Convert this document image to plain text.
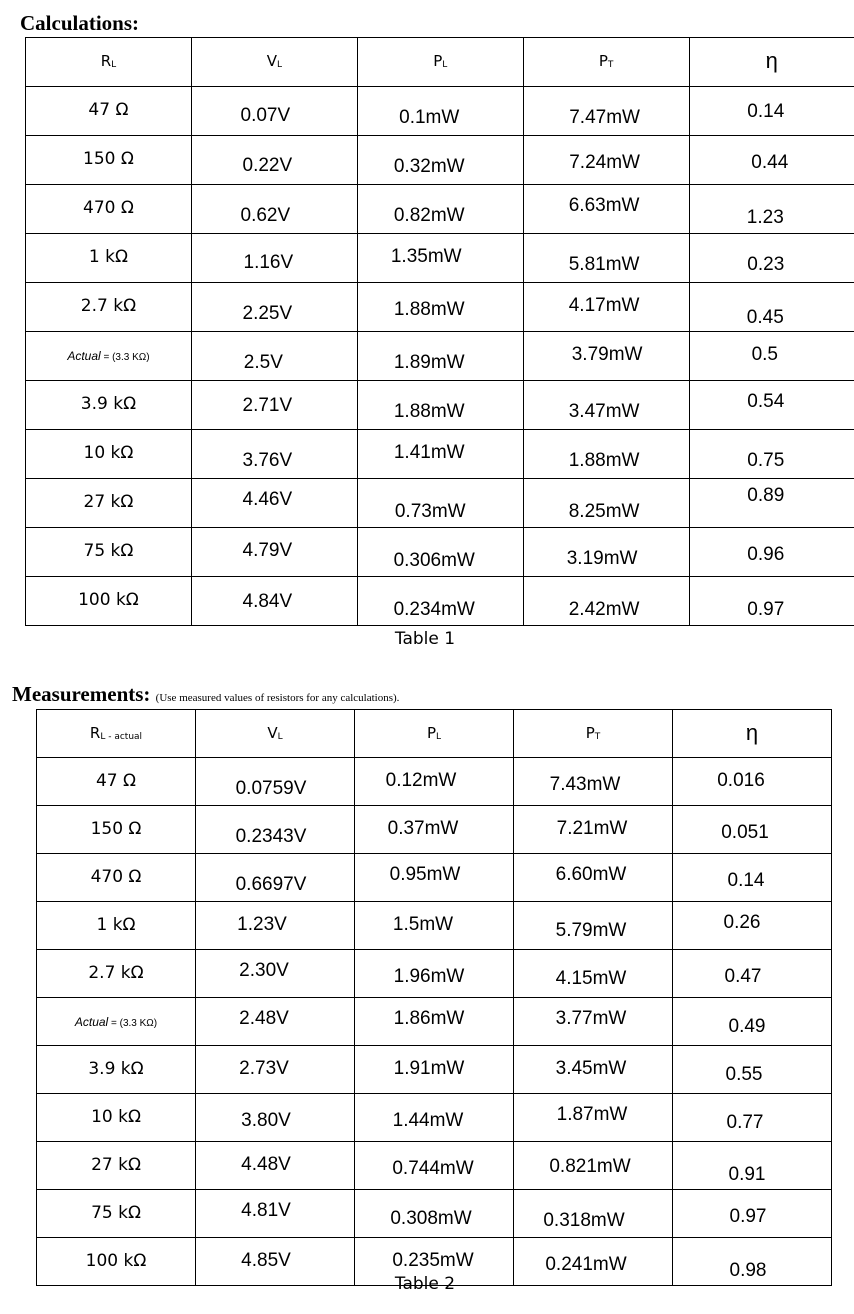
Calculations:
$R_L$	$V_L$	$P_L$	$P_T$	η

47 Ω	0.07V	0.1mW	7.47mW	0.14

150 Ω	0.22V	0.32mW	7.24mW	0.44

470 Ω	0.62V	0.82mW	6.63mW	1.23

1 kΩ	1.16V	1.35mW	5.81mW	0.23

2.7 kΩ	2.25V	1.88mW	4.17mW	0.45

Actual = (3.3 KΩ)	2.5V	1.89mW	3.79mW	0.5

3.9 kΩ	2.71V	1.88mW	3.47mW	0.54

10 kΩ	3.76V	1.41mW	1.88mW	0.75

27 kΩ	4.46V	0.73mW	8.25mW	0.89

75 kΩ	4.79V	0.306mW	3.19mW	0.96

100 kΩ	4.84V	0.234mW	2.42mW	0.97
Table 1
Measurements: (Use measured values of resistors for any calculations).
$R_{L - actual}$	$V_L$	$P_L$	$P_T$	η

47 Ω	0.0759V	0.12mW	7.43mW	0.016

150 Ω	0.2343V	0.37mW	7.21mW	0.051

470 Ω	0.6697V	0.95mW	6.60mW	0.14

1 kΩ	1.23V	1.5mW	5.79mW	0.26

2.7 kΩ	2.30V	1.96mW	4.15mW	0.47

Actual = (3.3 KΩ)	2.48V	1.86mW	3.77mW	0.49

3.9 kΩ	2.73V	1.91mW	3.45mW	0.55

10 kΩ	3.80V	1.44mW	1.87mW	0.77

27 kΩ	4.48V	0.744mW	0.821mW	0.91

75 kΩ	4.81V	0.308mW	0.318mW	0.97

100 kΩ	4.85V	0.235mW	0.241mW	0.98
Table 2
